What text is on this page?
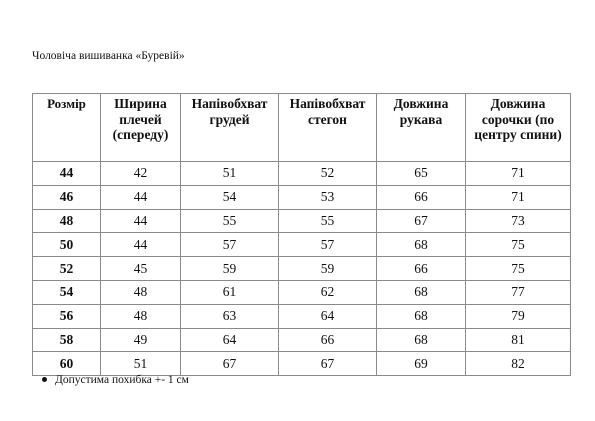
Чоловіча вишиванка «Буревій»
Розмір	Ширина плечей (спереду)	Напівобхват грудей	Напівобхват стегон	Довжина рукава	Довжина сорочки (по центру спини)
44	42	51	52	65	71
46	44	54	53	66	71
48	44	55	55	67	73
50	44	57	57	68	75
52	45	59	59	66	75
54	48	61	62	68	77
56	48	63	64	68	79
58	49	64	66	68	81
60	51	67	67	69	82
Допустима похибка +- 1 см
